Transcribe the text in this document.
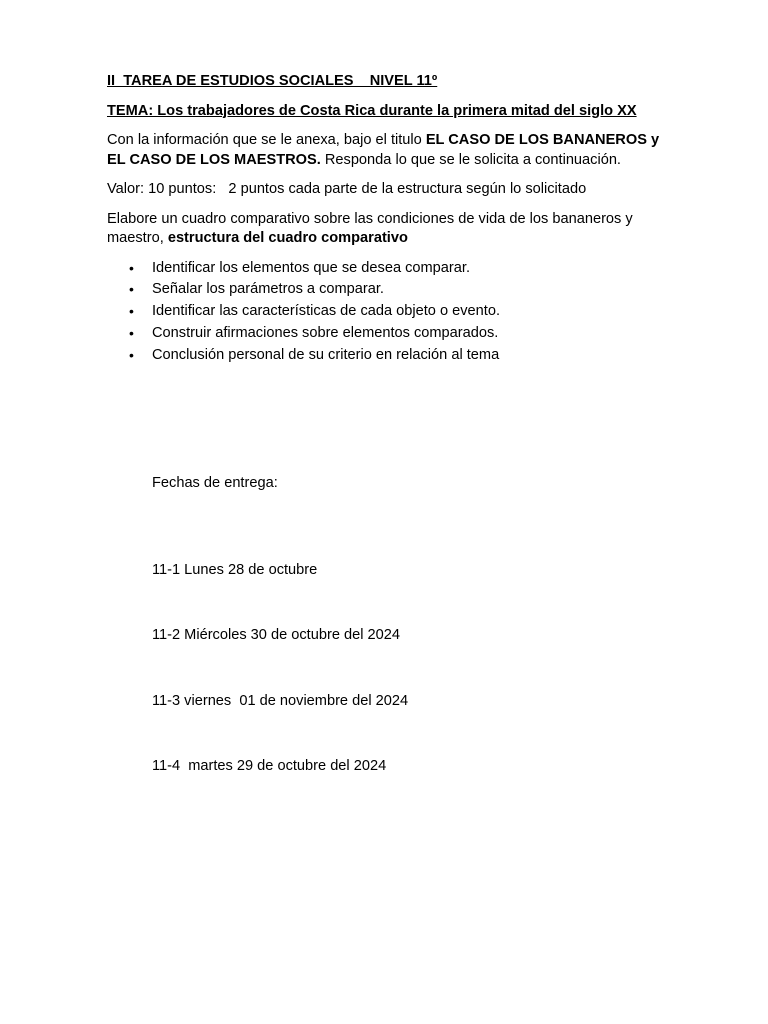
II  TAREA DE ESTUDIOS SOCIALES    NIVEL 11º
TEMA: Los trabajadores de Costa Rica durante la primera mitad del siglo XX

Con la información que se le anexa, bajo el titulo EL CASO DE LOS BANANEROS y EL CASO DE LOS MAESTROS. Responda lo que se le solicita a continuación.

Valor: 10 puntos:   2 puntos cada parte de la estructura según lo solicitado

Elabore un cuadro comparativo sobre las condiciones de vida de los bananeros y maestro, estructura del cuadro comparativo

• Identificar los elementos que se desea comparar.
• Señalar los parámetros a comparar.
• Identificar las características de cada objeto o evento.
• Construir afirmaciones sobre elementos comparados.
• Conclusión personal de su criterio en relación al tema

Fechas de entrega:

11-1 Lunes 28 de octubre

11-2 Miércoles 30 de octubre del 2024

11-3 viernes  01 de noviembre del 2024

11-4  martes 29 de octubre del 2024
